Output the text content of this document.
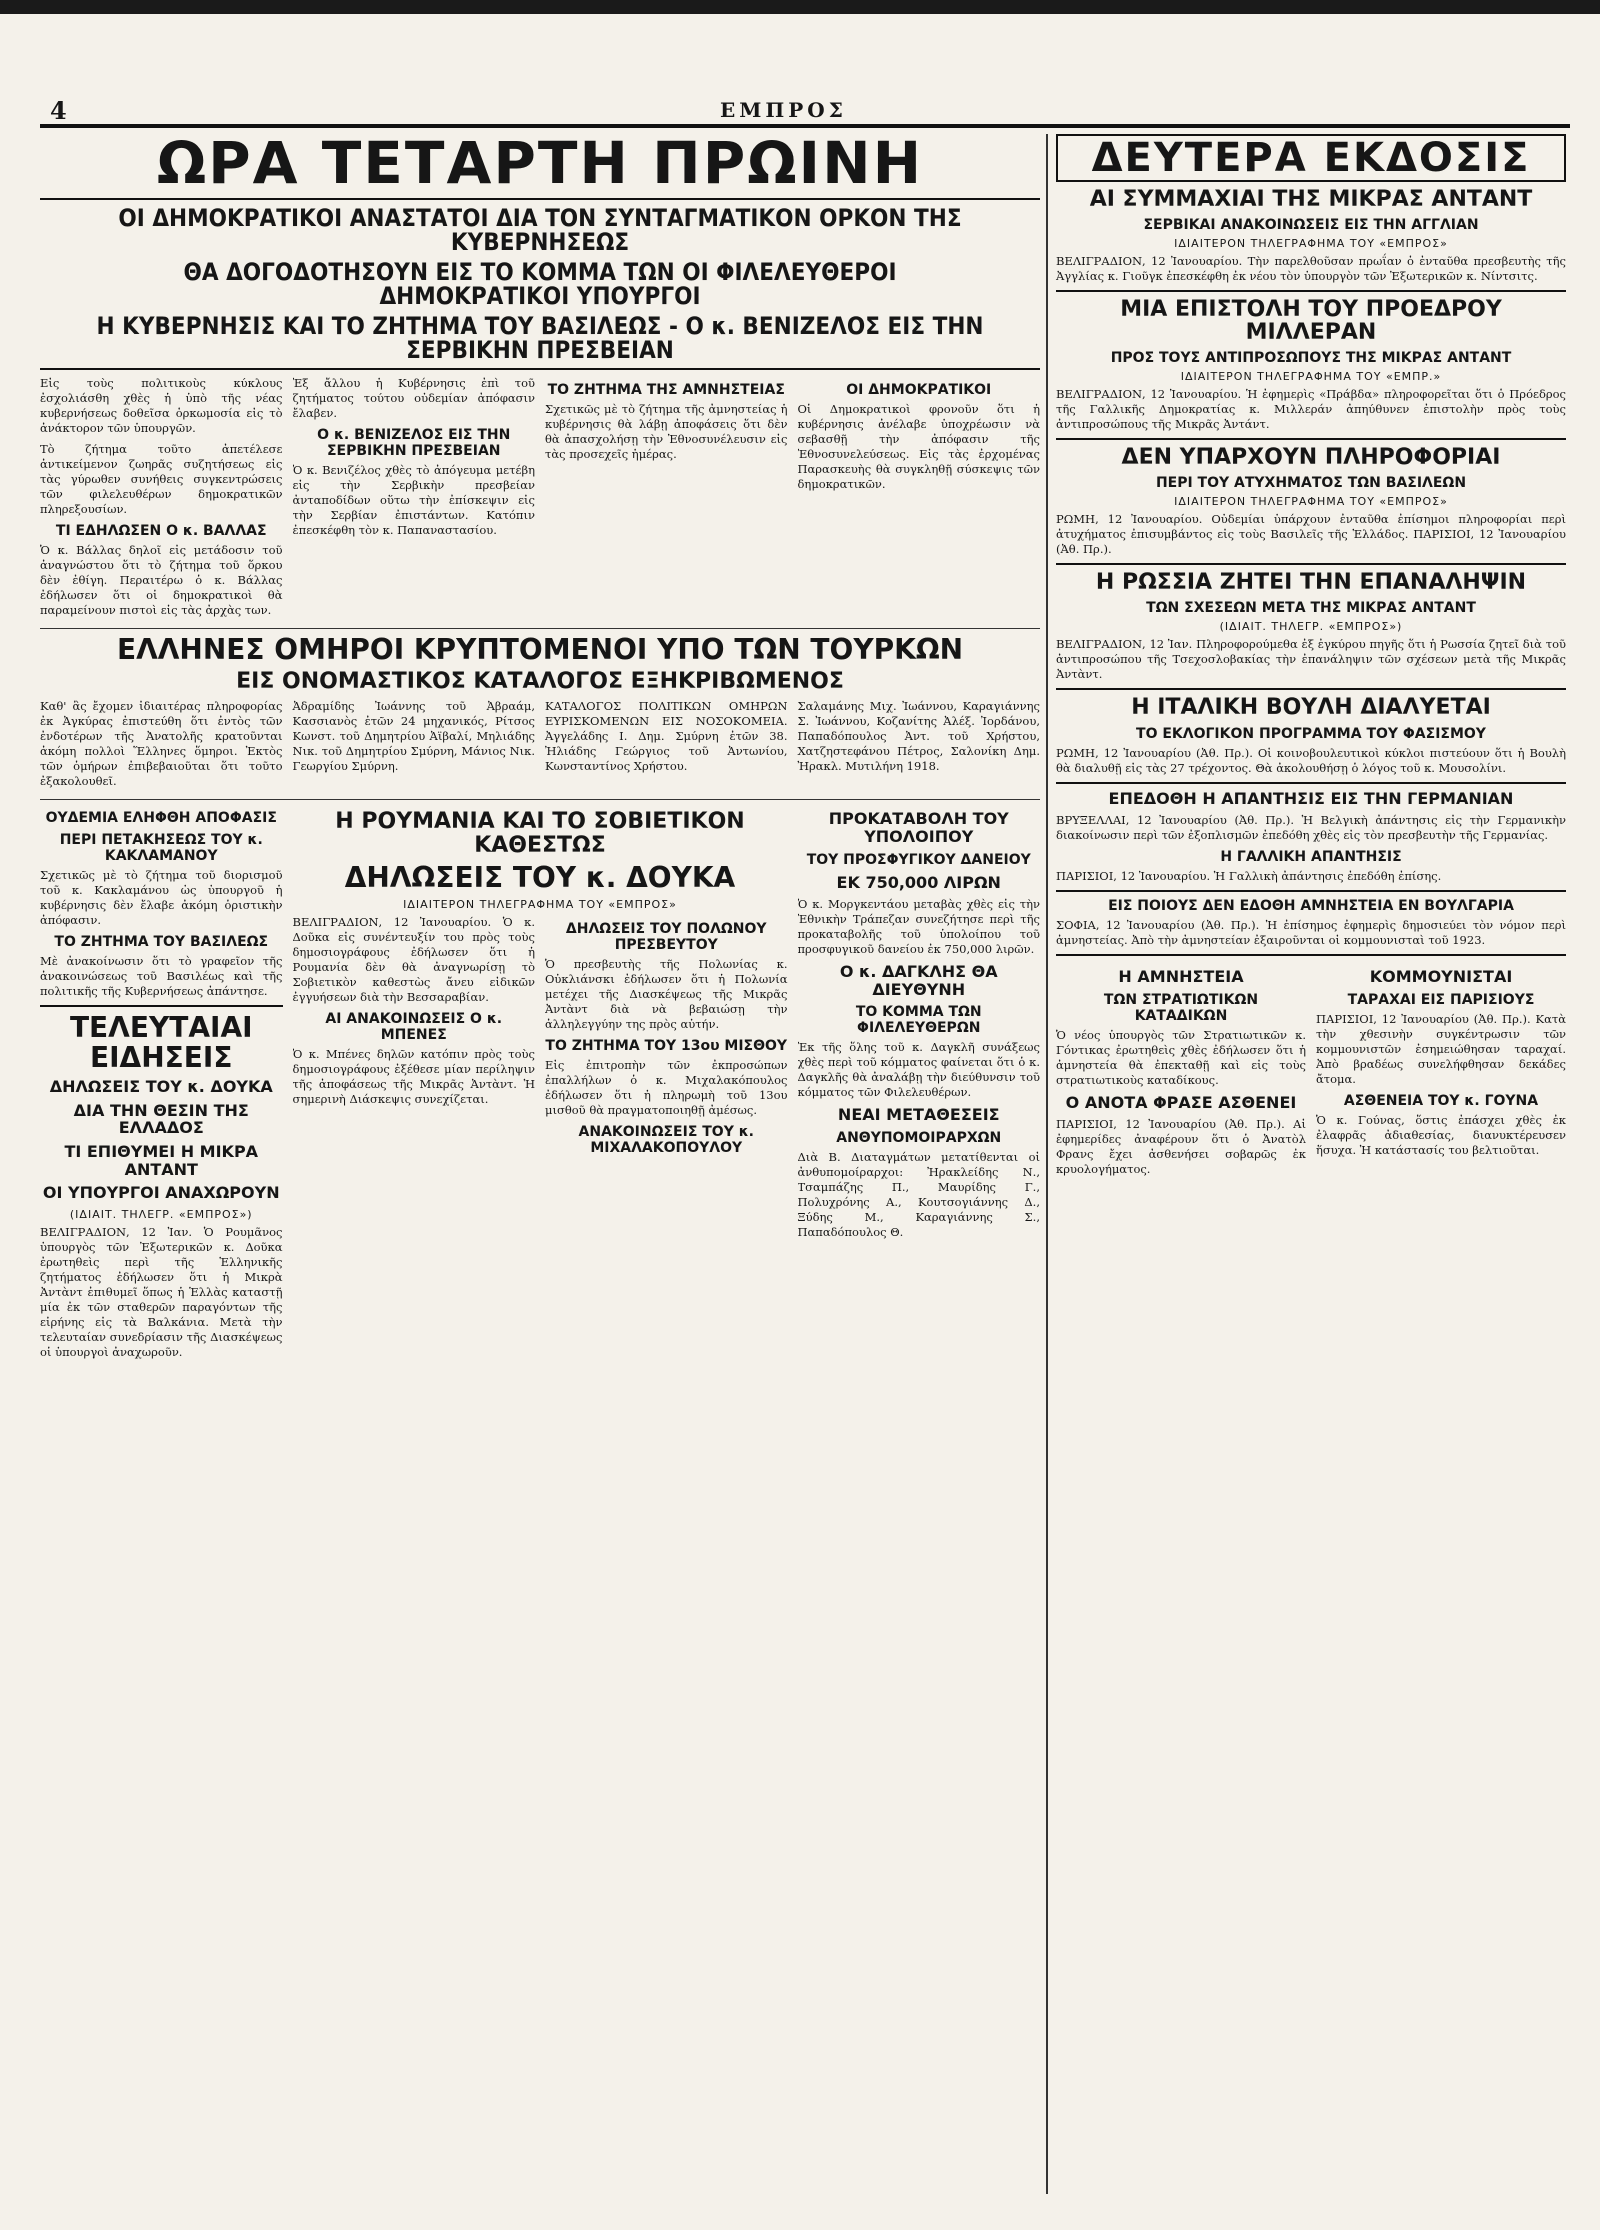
4	ΕΜΠΡΟΣ
ΩΡΑ ΤΕΤΑΡΤΗ ΠΡΩΙΝΗ
ΟΙ ΔΗΜΟΚΡΑΤΙΚΟΙ ΑΝΑΣΤΑΤΟΙ ΔΙΑ ΤΟΝ ΣΥΝΤΑΓΜΑΤΙΚΟΝ ΟΡΚΟΝ ΤΗΣ ΚΥΒΕΡΝΗΣΕΩΣ
ΘΑ ΔΟΓΟΔΟΤΗΣΟΥΝ ΕΙΣ ΤΟ ΚΟΜΜΑ ΤΩΝ ΟΙ ΦΙΛΕΛΕΥΘΕΡΟΙ ΔΗΜΟΚΡΑΤΙΚΟΙ ΥΠΟΥΡΓΟΙ
Η ΚΥΒΕΡΝΗΣΙΣ ΚΑΙ ΤΟ ΖΗΤΗΜΑ ΤΟΥ ΒΑΣΙΛΕΩΣ - Ο κ. ΒΕΝΙΖΕΛΟΣ ΕΙΣ ΤΗΝ ΣΕΡΒΙΚΗΝ ΠΡΕΣΒΕΙΑΝ

Εἰς τοὺς πολιτικοὺς κύκλους ἐσχολιάσθη χθὲς ἡ ὑπὸ τῆς νέας κυβερνήσεως δοθεῖσα ὁρκωμοσία εἰς τὸ ἀνάκτορον τῶν ὑπουργῶν.

Τὸ ζήτημα τοῦτο ἀπετέλεσε ἀντικείμενον ζωηρᾶς συζητήσεως εἰς τὰς γύρωθεν συνήθεις συγκεντρώσεις τῶν φιλελευθέρων δημοκρατικῶν πληρεξουσίων.

ΤΙ ΕΔΗΛΩΣΕΝ Ο κ. ΒΑΛΛΑΣ

Ὁ κ. Βάλλας δηλοῖ εἰς μετάδοσιν τοῦ ἀναγνώστου ὅτι τὸ ζήτημα τοῦ ὅρκου δὲν ἐθίγη. Περαιτέρω ὁ κ. Βάλλας ἐδήλωσεν ὅτι οἱ δημοκρατικοὶ θὰ παραμείνουν πιστοὶ εἰς τὰς ἀρχὰς των.

Ἐξ ἄλλου ἡ Κυβέρνησις ἐπὶ τοῦ ζητήματος τούτου οὐδεμίαν ἀπόφασιν ἔλαβεν.

Ο κ. ΒΕΝΙΖΕΛΟΣ ΕΙΣ ΤΗΝ ΣΕΡΒΙΚΗΝ ΠΡΕΣΒΕΙΑΝ

Ὁ κ. Βενιζέλος χθὲς τὸ ἀπόγευμα μετέβη εἰς τὴν Σερβικὴν πρεσβείαν ἀνταποδίδων οὕτω τὴν ἐπίσκεψιν εἰς τὴν Σερβίαν ἐπιστάντων. Κατόπιν ἐπεσκέφθη τὸν κ. Παπαναστασίου.

ΤΟ ΖΗΤΗΜΑ ΤΗΣ ΑΜΝΗΣΤΕΙΑΣ

Σχετικῶς μὲ τὸ ζήτημα τῆς ἀμνηστείας ἡ κυβέρνησις θὰ λάβῃ ἀποφάσεις ὅτι δὲν θὰ ἀπασχολήσῃ τὴν Ἐθνοσυνέλευσιν εἰς τὰς προσεχεῖς ἡμέρας.

ΟΙ ΔΗΜΟΚΡΑΤΙΚΟΙ

Οἱ Δημοκρατικοὶ φρονοῦν ὅτι ἡ κυβέρνησις ἀνέλαβε ὑποχρέωσιν νὰ σεβασθῇ τὴν ἀπόφασιν τῆς Ἐθνοσυνελεύσεως. Εἰς τὰς ἐρχομένας Παρασκευὴς θὰ συγκληθῇ σύσκεψις τῶν δημοκρατικῶν.

ΕΛΛΗΝΕΣ ΟΜΗΡΟΙ ΚΡΥΠΤΟΜΕΝΟΙ ΥΠΟ ΤΩΝ ΤΟΥΡΚΩΝ
ΕΙΣ ΟΝΟΜΑΣΤΙΚΟΣ ΚΑΤΑΛΟΓΟΣ ΕΞΗΚΡΙΒΩΜΕΝΟΣ

Καθ' ἃς ἔχομεν ἰδιαιτέρας πληροφορίας ἐκ Ἀγκύρας ἐπιστεύθη ὅτι ἐντὸς τῶν ἐνδοτέρων τῆς Ἀνατολῆς κρατοῦνται ἀκόμη πολλοὶ Ἕλληνες ὅμηροι. Ἐκτὸς τῶν ὁμήρων ἐπιβεβαιοῦται ὅτι τοῦτο ἐξακολουθεῖ.

Ἀδραμίδης Ἰωάννης τοῦ Ἀβραάμ, Κασσιανὸς ἐτῶν 24 μηχανικός, Ρίτσος Κωνστ. τοῦ Δημητρίου Ἀϊβαλί, Μηλιάδης Νικ. τοῦ Δημητρίου Σμύρνη, Μάνιος Νικ. Γεωργίου Σμύρνη.

ΚΑΤΑΛΟΓΟΣ ΠΟΛΙΤΙΚΩΝ ΟΜΗΡΩΝ ΕΥΡΙΣΚΟΜΕΝΩΝ ΕΙΣ ΝΟΣΟΚΟΜΕΙΑ. Ἀγγελάδης Ι. Δημ. Σμύρνη ἐτῶν 38. Ἠλιάδης Γεώργιος τοῦ Ἀντωνίου, Κωνσταντίνος Χρήστου.

Σαλαμάνης Μιχ. Ἰωάννου, Καραγιάννης Σ. Ἰωάννου, Κοζανίτης Ἀλέξ. Ἰορδάνου, Παπαδόπουλος Ἀντ. τοῦ Χρήστου, Χατζηστεφάνου Πέτρος, Σαλονίκη Δημ. Ἠρακλ. Μυτιλήνη 1918.

ΟΥΔΕΜΙΑ ΕΛΗΦΘΗ ΑΠΟΦΑΣΙΣ
ΠΕΡΙ ΠΕΤΑΚΗΣΕΩΣ ΤΟΥ κ. ΚΑΚΛΑΜΑΝΟΥ

Σχετικῶς μὲ τὸ ζήτημα τοῦ διορισμοῦ τοῦ κ. Κακλαμάνου ὡς ὑπουργοῦ ἡ κυβέρνησις δὲν ἔλαβε ἀκόμη ὁριστικὴν ἀπόφασιν.

ΤΟ ΖΗΤΗΜΑ ΤΟΥ ΒΑΣΙΛΕΩΣ

Μὲ ἀνακοίνωσιν ὅτι τὸ γραφεῖον τῆς ἀνακοινώσεως τοῦ Βασιλέως καὶ τῆς πολιτικῆς τῆς Κυβερνήσεως ἀπάντησε.

ΤΕΛΕΥΤΑΙΑΙ ΕΙΔΗΣΕΙΣ
ΔΗΛΩΣΕΙΣ ΤΟΥ κ. ΔΟΥΚΑ
ΔΙΑ ΤΗΝ ΘΕΣΙΝ ΤΗΣ ΕΛΛΑΔΟΣ
ΤΙ ΕΠΙΘΥΜΕΙ Η ΜΙΚΡΑ ΑΝΤΑΝΤ
ΟΙ ΥΠΟΥΡΓΟΙ ΑΝΑΧΩΡΟΥΝ
(ΙΔΙΑΙΤ. ΤΗΛΕΓΡ. «ΕΜΠΡΟΣ»)

ΒΕΛΙΓΡΑΔΙΟΝ, 12 Ἰαν. Ὁ Ρουμᾶνος ὑπουργὸς τῶν Ἐξωτερικῶν κ. Δοῦκα ἐρωτηθεὶς περὶ τῆς Ἑλληνικῆς ζητήματος ἐδήλωσεν ὅτι ἡ Μικρὰ Ἀντὰντ ἐπιθυμεῖ ὅπως ἡ Ἑλλὰς καταστῇ μία ἐκ τῶν σταθερῶν παραγόντων τῆς εἰρήνης εἰς τὰ Βαλκάνια. Μετὰ τὴν τελευταίαν συνεδρίασιν τῆς Διασκέψεως οἱ ὑπουργοὶ ἀναχωροῦν.

Η ΡΟΥΜΑΝΙΑ ΚΑΙ ΤΟ ΣΟΒΙΕΤΙΚΟΝ ΚΑΘΕΣΤΩΣ
ΔΗΛΩΣΕΙΣ ΤΟΥ κ. ΔΟΥΚΑ
ΙΔΙΑΙΤΕΡΟΝ ΤΗΛΕΓΡΑΦΗΜΑ ΤΟΥ «ΕΜΠΡΟΣ»

ΒΕΛΙΓΡΑΔΙΟΝ, 12 Ἰανουαρίου. Ὁ κ. Δοῦκα εἰς συνέντευξίν του πρὸς τοὺς δημοσιογράφους ἐδήλωσεν ὅτι ἡ Ρουμανία δὲν θὰ ἀναγνωρίσῃ τὸ Σοβιετικὸν καθεστὼς ἄνευ εἰδικῶν ἐγγυήσεων διὰ τὴν Βεσσαραβίαν.

ΑΙ ΑΝΑΚΟΙΝΩΣΕΙΣ Ο κ. ΜΠΕΝΕΣ

Ὁ κ. Μπένες δηλῶν κατόπιν πρὸς τοὺς δημοσιογράφους ἐξέθεσε μίαν περίληψιν τῆς ἀποφάσεως τῆς Μικρᾶς Ἀντὰντ. Ἡ σημερινὴ Διάσκεψις συνεχίζεται.

ΔΗΛΩΣΕΙΣ ΤΟΥ ΠΟΛΩΝΟΥ ΠΡΕΣΒΕΥΤΟΥ

Ὁ πρεσβευτὴς τῆς Πολωνίας κ. Οὐκλιάνσκι ἐδήλωσεν ὅτι ἡ Πολωνία μετέχει τῆς Διασκέψεως τῆς Μικρᾶς Ἀντὰντ διὰ νὰ βεβαιώσῃ τὴν ἀλληλεγγύην της πρὸς αὐτήν.

ΤΟ ΖΗΤΗΜΑ ΤΟΥ 13ου ΜΙΣΘΟΥ

Εἰς ἐπιτροπὴν τῶν ἐκπροσώπων ἐπαλλήλων ὁ κ. Μιχαλακόπουλος ἐδήλωσεν ὅτι ἡ πληρωμὴ τοῦ 13ου μισθοῦ θὰ πραγματοποιηθῇ ἀμέσως.

ΑΝΑΚΟΙΝΩΣΕΙΣ ΤΟΥ κ. ΜΙΧΑΛΑΚΟΠΟΥΛΟΥ
ΠΡΟΚΑΤΑΒΟΛΗ ΤΟΥ ΥΠΟΛΟΙΠΟΥ
ΤΟΥ ΠΡΟΣΦΥΓΙΚΟΥ ΔΑΝΕΙΟΥ
ΕΚ 750,000 ΛΙΡΩΝ

Ὁ κ. Μοργκεντάου μεταβὰς χθὲς εἰς τὴν Ἐθνικὴν Τράπεζαν συνεζήτησε περὶ τῆς προκαταβολῆς τοῦ ὑπολοίπου τοῦ προσφυγικοῦ δανείου ἐκ 750,000 λιρῶν.

Ο κ. ΔΑΓΚΛΗΣ ΘΑ ΔΙΕΥΘΥΝΗ
ΤΟ ΚΟΜΜΑ ΤΩΝ ΦΙΛΕΛΕΥΘΕΡΩΝ

Ἐκ τῆς ὅλης τοῦ κ. Δαγκλῆ συνάξεως χθὲς περὶ τοῦ κόμματος φαίνεται ὅτι ὁ κ. Δαγκλῆς θὰ ἀναλάβῃ τὴν διεύθυνσιν τοῦ κόμματος τῶν Φιλελευθέρων.

ΝΕΑΙ ΜΕΤΑΘΕΣΕΙΣ
ΑΝΘΥΠΟΜΟΙΡΑΡΧΩΝ

Διὰ Β. Διαταγμάτων μετατίθενται οἱ ἀνθυπομοίραρχοι: Ἠρακλείδης Ν., Τσαμπάζης Π., Μαυρίδης Γ., Πολυχρόνης Α., Κουτσογιάννης Δ., Ξύδης Μ., Καραγιάννης Σ., Παπαδόπουλος Θ.

ΔΕΥΤΕΡΑ ΕΚΔΟΣΙΣ
ΑΙ ΣΥΜΜΑΧΙΑΙ ΤΗΣ ΜΙΚΡΑΣ ΑΝΤΑΝΤ
ΣΕΡΒΙΚΑΙ ΑΝΑΚΟΙΝΩΣΕΙΣ ΕΙΣ ΤΗΝ ΑΓΓΛΙΑΝ
ΙΔΙΑΙΤΕΡΟΝ ΤΗΛΕΓΡΑΦΗΜΑ ΤΟΥ «ΕΜΠΡΟΣ»

ΒΕΛΙΓΡΑΔΙΟΝ, 12 Ἰανουαρίου. Τὴν παρελθοῦσαν πρωΐαν ὁ ἐνταῦθα πρεσβευτὴς τῆς Ἀγγλίας κ. Γιοῦγκ ἐπεσκέφθη ἐκ νέου τὸν ὑπουργὸν τῶν Ἐξωτερικῶν κ. Νίντσιτς.

ΜΙΑ ΕΠΙΣΤΟΛΗ ΤΟΥ ΠΡΟΕΔΡΟΥ ΜΙΛΛΕΡΑΝ
ΠΡΟΣ ΤΟΥΣ ΑΝΤΙΠΡΟΣΩΠΟΥΣ ΤΗΣ ΜΙΚΡΑΣ ΑΝΤΑΝΤ
ΙΔΙΑΙΤΕΡΟΝ ΤΗΛΕΓΡΑΦΗΜΑ ΤΟΥ «ΕΜΠΡ.»

ΒΕΛΙΓΡΑΔΙΟΝ, 12 Ἰανουαρίου. Ἡ ἐφημερὶς «Πράβδα» πληροφορεῖται ὅτι ὁ Πρόεδρος τῆς Γαλλικῆς Δημοκρατίας κ. Μιλλεράν ἀπηύθυνεν ἐπιστολὴν πρὸς τοὺς ἀντιπροσώπους τῆς Μικρᾶς Ἀντάντ.

ΔΕΝ ΥΠΑΡΧΟΥΝ ΠΛΗΡΟΦΟΡΙΑΙ
ΠΕΡΙ ΤΟΥ ΑΤΥΧΗΜΑΤΟΣ ΤΩΝ ΒΑΣΙΛΕΩΝ
ΙΔΙΑΙΤΕΡΟΝ ΤΗΛΕΓΡΑΦΗΜΑ ΤΟΥ «ΕΜΠΡΟΣ»

ΡΩΜΗ, 12 Ἰανουαρίου. Οὐδεμίαι ὑπάρχουν ἐνταῦθα ἐπίσημοι πληροφορίαι περὶ ἀτυχήματος ἐπισυμβάντος εἰς τοὺς Βασιλεῖς τῆς Ἑλλάδος. ΠΑΡΙΣΙΟΙ, 12 Ἰανουαρίου (Ἀθ. Πρ.).

Η ΡΩΣΣΙΑ ΖΗΤΕΙ ΤΗΝ ΕΠΑΝΑΛΗΨΙΝ
ΤΩΝ ΣΧΕΣΕΩΝ ΜΕΤΑ ΤΗΣ ΜΙΚΡΑΣ ΑΝΤΑΝΤ
(ΙΔΙΑΙΤ. ΤΗΛΕΓΡ. «ΕΜΠΡΟΣ»)

ΒΕΛΙΓΡΑΔΙΟΝ, 12 Ἰαν. Πληροφορούμεθα ἐξ ἐγκύρου πηγῆς ὅτι ἡ Ρωσσία ζητεῖ διὰ τοῦ ἀντιπροσώπου τῆς Τσεχοσλοβακίας τὴν ἐπανάληψιν τῶν σχέσεων μετὰ τῆς Μικρᾶς Ἀντὰντ.

Η ΙΤΑΛΙΚΗ ΒΟΥΛΗ ΔΙΑΛΥΕΤΑΙ
ΤΟ ΕΚΛΟΓΙΚΟΝ ΠΡΟΓΡΑΜΜΑ ΤΟΥ ΦΑΣΙΣΜΟΥ

ΡΩΜΗ, 12 Ἰανουαρίου (Ἀθ. Πρ.). Οἱ κοινοβουλευτικοὶ κύκλοι πιστεύουν ὅτι ἡ Βουλὴ θὰ διαλυθῇ εἰς τὰς 27 τρέχοντος. Θὰ ἀκολουθήσῃ ὁ λόγος τοῦ κ. Μουσολίνι.

ΕΠΕΔΟΘΗ Η ΑΠΑΝΤΗΣΙΣ ΕΙΣ ΤΗΝ ΓΕΡΜΑΝΙΑΝ

ΒΡΥΞΕΛΛΑΙ, 12 Ἰανουαρίου (Ἀθ. Πρ.). Ἡ Βελγικὴ ἀπάντησις εἰς τὴν Γερμανικὴν διακοίνωσιν περὶ τῶν ἐξοπλισμῶν ἐπεδόθη χθὲς εἰς τὸν πρεσβευτὴν τῆς Γερμανίας.

Η ΓΑΛΛΙΚΗ ΑΠΑΝΤΗΣΙΣ

ΠΑΡΙΣΙΟΙ, 12 Ἰανουαρίου. Ἡ Γαλλικὴ ἀπάντησις ἐπεδόθη ἐπίσης.

ΕΙΣ ΠΟΙΟΥΣ ΔΕΝ ΕΔΟΘΗ ΑΜΝΗΣΤΕΙΑ ΕΝ ΒΟΥΛΓΑΡΙΑ

ΣΟΦΙΑ, 12 Ἰανουαρίου (Ἀθ. Πρ.). Ἡ ἐπίσημος ἐφημερὶς δημοσιεύει τὸν νόμον περὶ ἀμνηστείας. Ἀπὸ τὴν ἀμνηστείαν ἐξαιροῦνται οἱ κομμουνισταὶ τοῦ 1923.

Η ΑΜΝΗΣΤΕΙΑ
ΤΩΝ ΣΤΡΑΤΙΩΤΙΚΩΝ ΚΑΤΑΔΙΚΩΝ

Ὁ νέος ὑπουργὸς τῶν Στρατιωτικῶν κ. Γόντικας ἐρωτηθεὶς χθὲς ἐδήλωσεν ὅτι ἡ ἀμνηστεία θὰ ἐπεκταθῇ καὶ εἰς τοὺς στρατιωτικοὺς καταδίκους.

Ο ΑΝΟΤΑ ΦΡΑΣΕ ΑΣΘΕΝΕΙ

ΠΑΡΙΣΙΟΙ, 12 Ἰανουαρίου (Ἀθ. Πρ.). Αἱ ἐφημερίδες ἀναφέρουν ὅτι ὁ Ἀνατὸλ Φρανς ἔχει ἀσθενήσει σοβαρῶς ἐκ κρυολογήματος.

ΚΟΜΜΟΥΝΙΣΤΑΙ
ΤΑΡΑΧΑΙ ΕΙΣ ΠΑΡΙΣΙΟΥΣ

ΠΑΡΙΣΙΟΙ, 12 Ἰανουαρίου (Ἀθ. Πρ.). Κατὰ τὴν χθεσινὴν συγκέντρωσιν τῶν κομμουνιστῶν ἐσημειώθησαν ταραχαί. Ἀπὸ βραδέως συνελήφθησαν δεκάδες ἄτομα.

ΑΣΘΕΝΕΙΑ ΤΟΥ κ. ΓΟΥΝΑ

Ὁ κ. Γούνας, ὅστις ἐπάσχει χθὲς ἐκ ἐλαφρᾶς ἀδιαθεσίας, διανυκτέρευσεν ἥσυχα. Ἡ κατάστασίς του βελτιοῦται.
